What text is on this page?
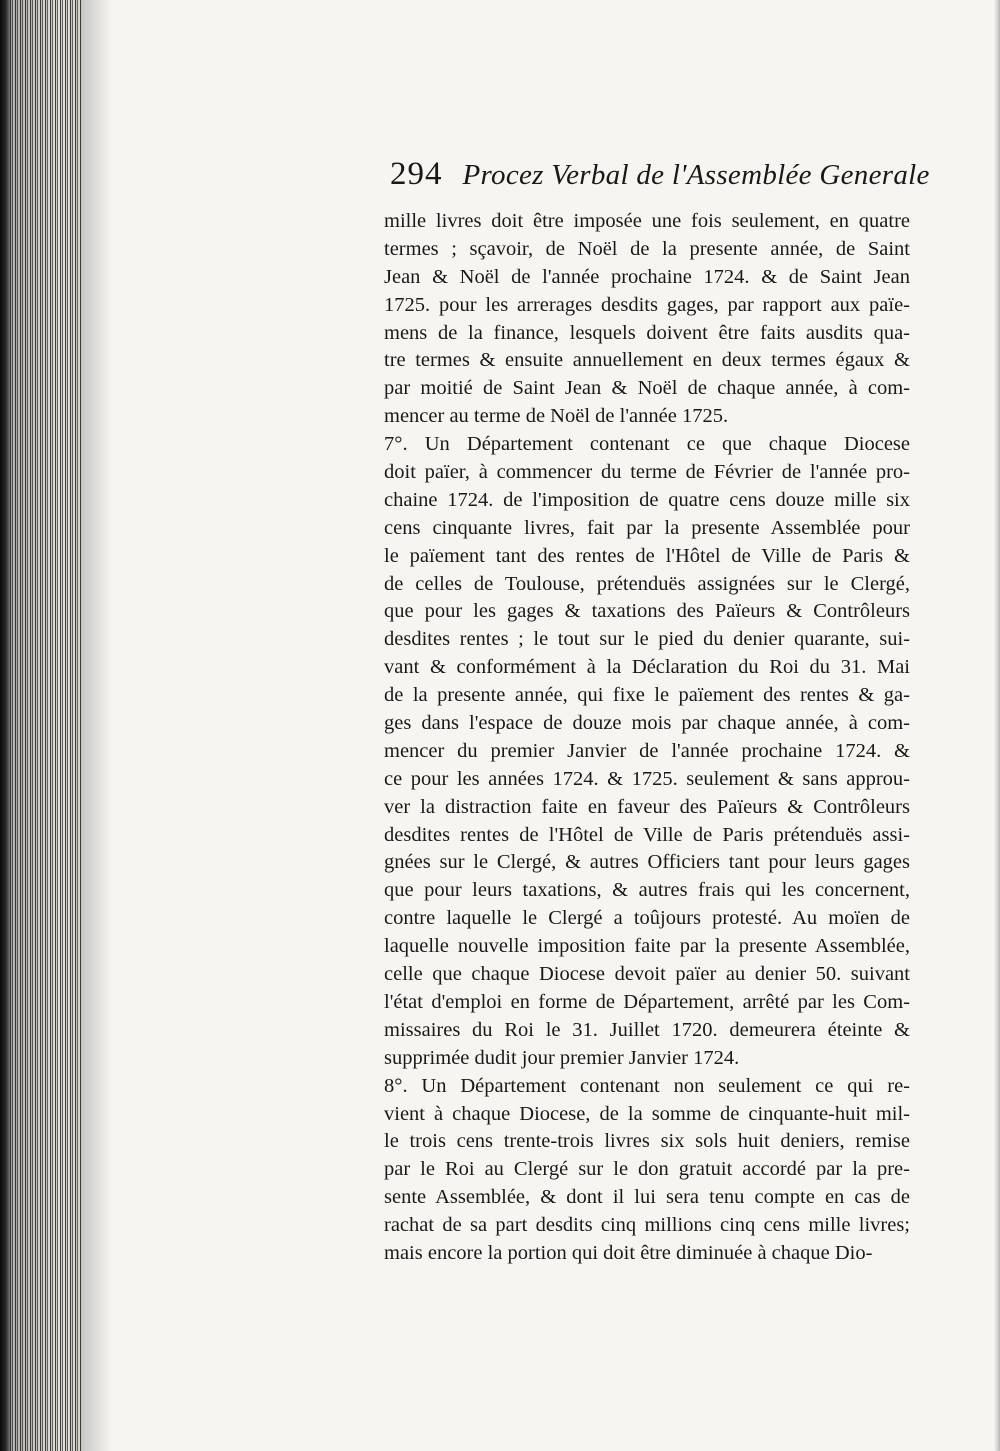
294 Procez Verbal de l'Assemblée Generale
mille livres doit être imposée une fois seulement, en quatre
termes ; sçavoir, de Noël de la presente année, de Saint
Jean & Noël de l'année prochaine 1724. & de Saint Jean
1725. pour les arrerages desdits gages, par rapport aux païe-
mens de la finance, lesquels doivent être faits ausdits qua-
tre termes & ensuite annuellement en deux termes égaux &
par moitié de Saint Jean & Noël de chaque année, à com-
mencer au terme de Noël de l'année 1725.
7°. Un Département contenant ce que chaque Diocese
doit païer, à commencer du terme de Février de l'année pro-
chaine 1724. de l'imposition de quatre cens douze mille six
cens cinquante livres, fait par la presente Assemblée pour
le païement tant des rentes de l'Hôtel de Ville de Paris &
de celles de Toulouse, prétenduës assignées sur le Clergé,
que pour les gages & taxations des Païeurs & Contrôleurs
desdites rentes ; le tout sur le pied du denier quarante, sui-
vant & conformément à la Déclaration du Roi du 31. Mai
de la presente année, qui fixe le païement des rentes & ga-
ges dans l'espace de douze mois par chaque année, à com-
mencer du premier Janvier de l'année prochaine 1724. &
ce pour les années 1724. & 1725. seulement & sans approu-
ver la distraction faite en faveur des Païeurs & Contrôleurs
desdites rentes de l'Hôtel de Ville de Paris prétenduës assi-
gnées sur le Clergé, & autres Officiers tant pour leurs gages
que pour leurs taxations, & autres frais qui les concernent,
contre laquelle le Clergé a toûjours protesté. Au moïen de
laquelle nouvelle imposition faite par la presente Assemblée,
celle que chaque Diocese devoit païer au denier 50. suivant
l'état d'emploi en forme de Département, arrêté par les Com-
missaires du Roi le 31. Juillet 1720. demeurera éteinte &
supprimée dudit jour premier Janvier 1724.
8°. Un Département contenant non seulement ce qui re-
vient à chaque Diocese, de la somme de cinquante-huit mil-
le trois cens trente-trois livres six sols huit deniers, remise
par le Roi au Clergé sur le don gratuit accordé par la pre-
sente Assemblée, & dont il lui sera tenu compte en cas de
rachat de sa part desdits cinq millions cinq cens mille livres;
mais encore la portion qui doit être diminuée à chaque Dio-
